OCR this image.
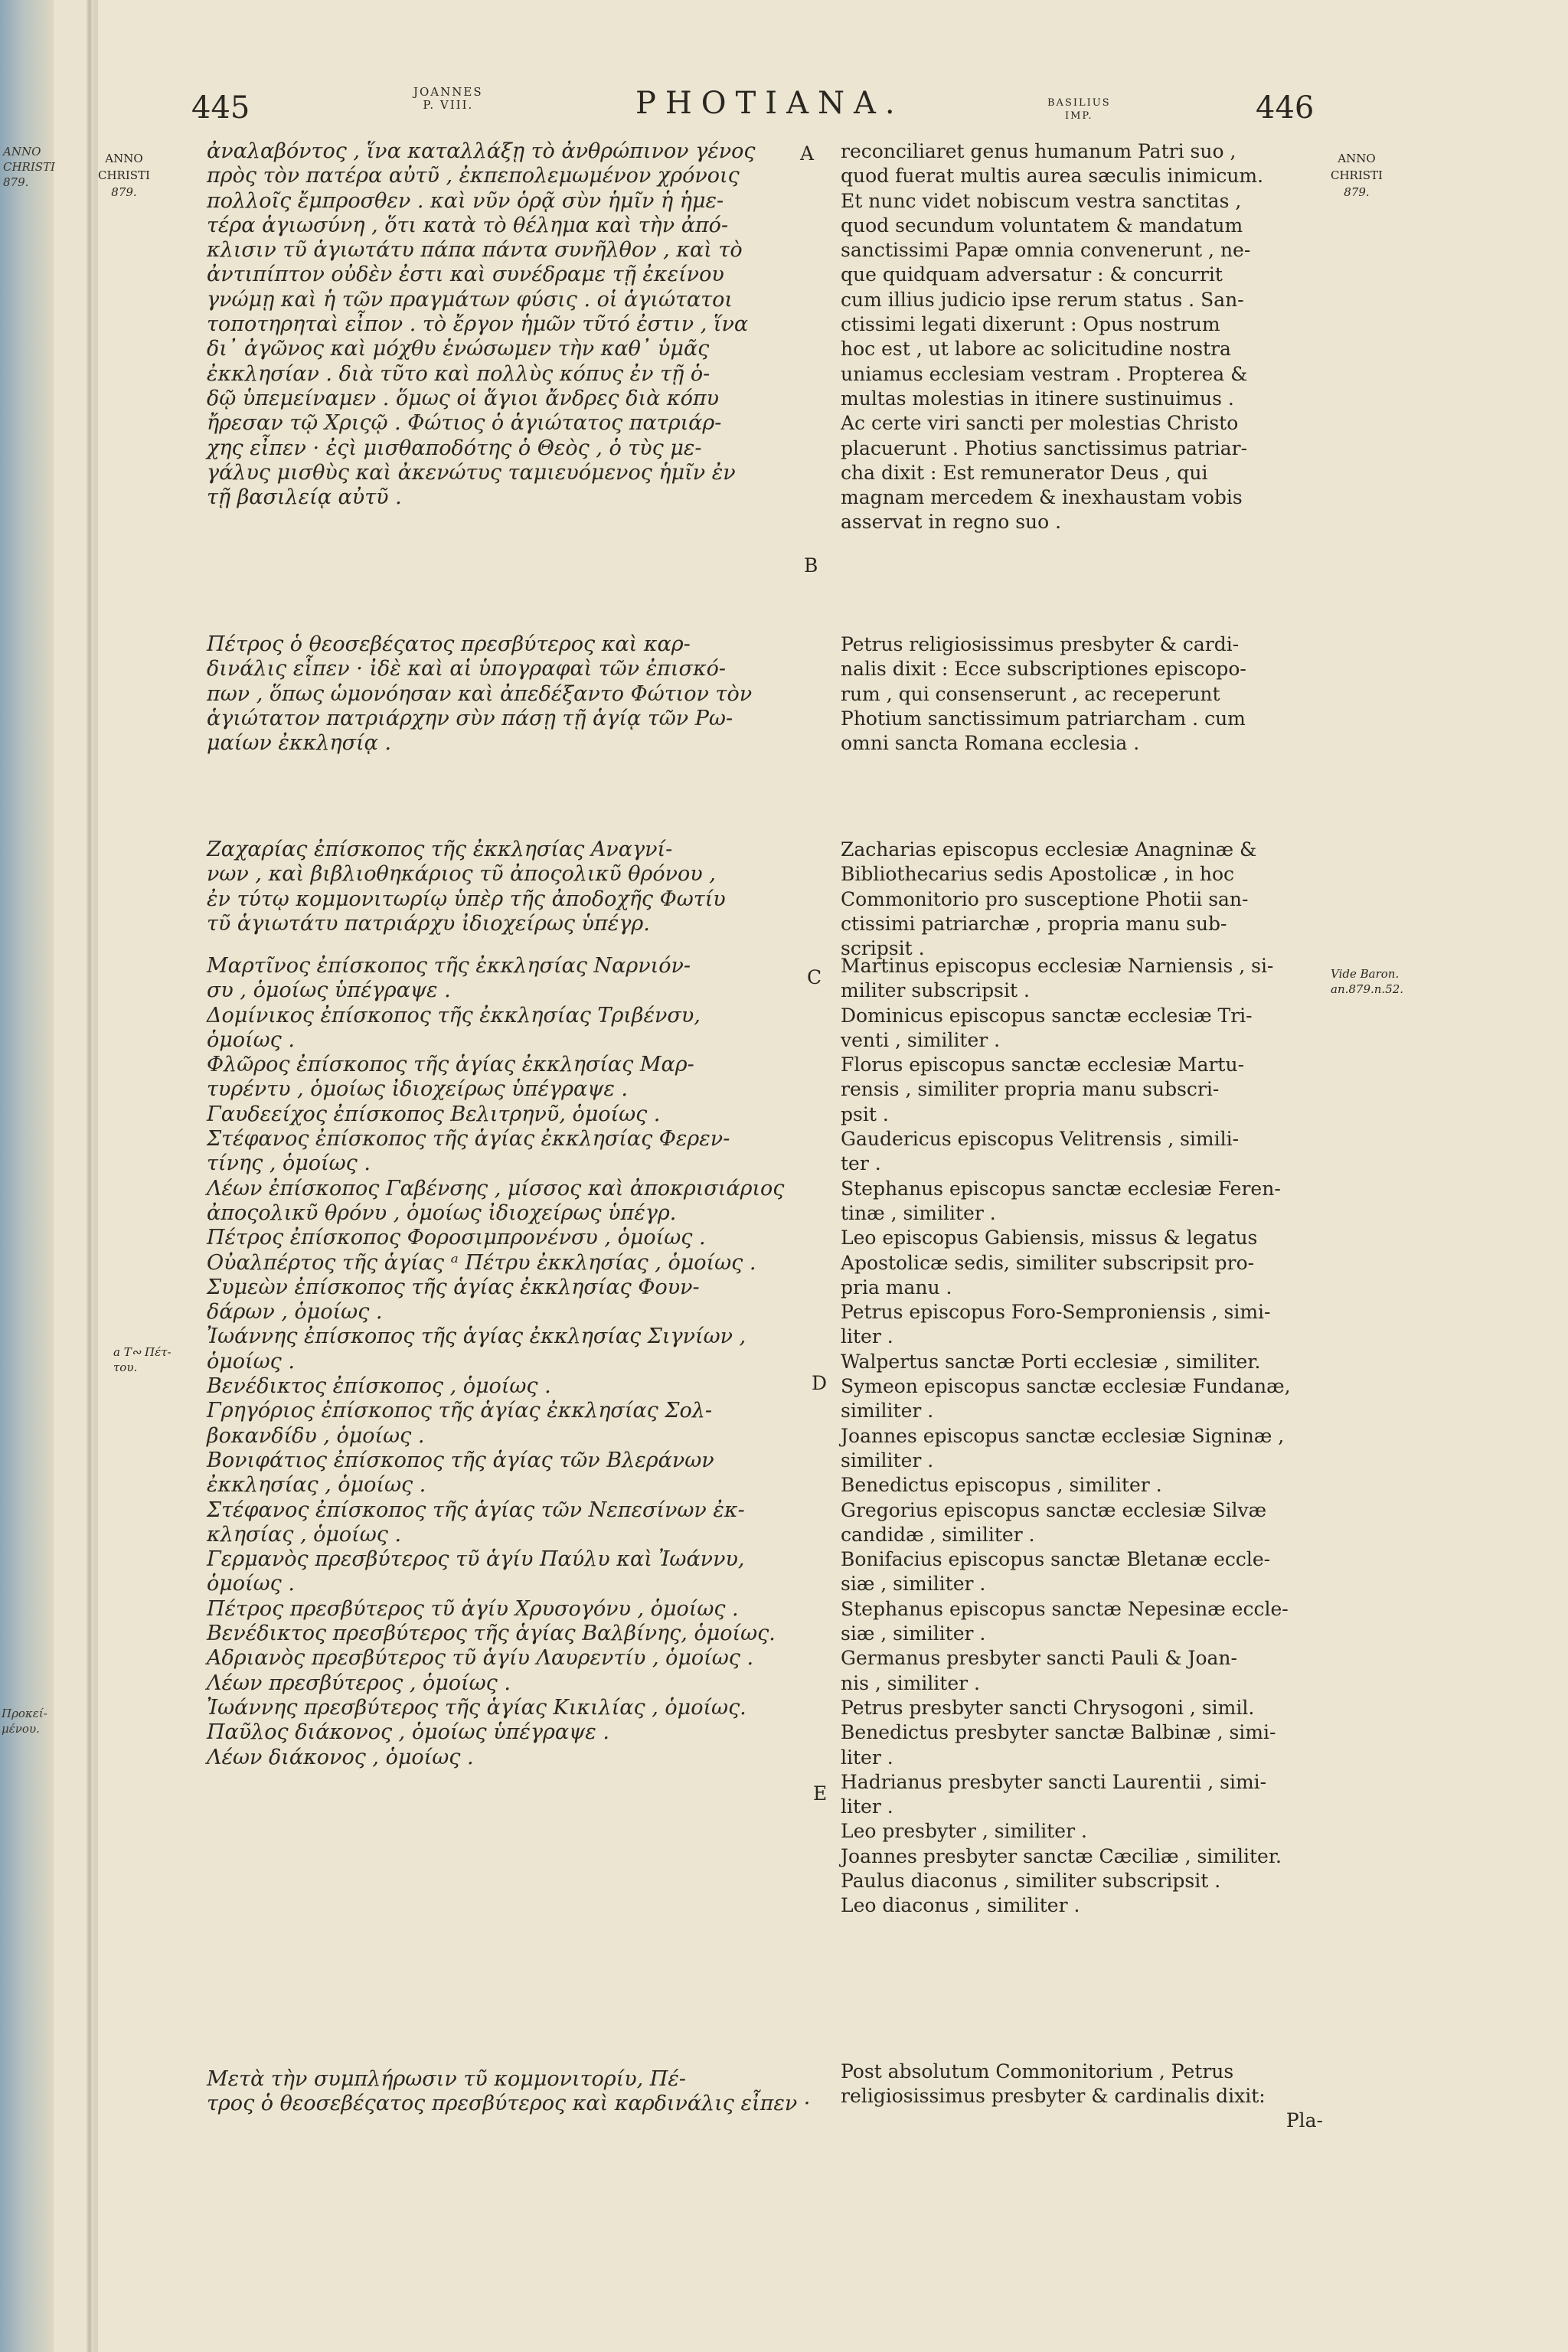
ANNO
CHRISTI
879.
Προκεί-
μένου.
445	JOANNES
P. VIII.	PHOTIANA.	BASILIUS
IMP.	446
ANNO
CHRISTI
879.
ANNO
CHRISTI
879.
A
B
C
D
E
a Τ∾ Πέτ-
του.
Vide Baron.
an.879.n.52.

ἀναλαβόντος , ἵνα καταλλάξῃ τὸ ἀνθρώπινον γένος
πρὸς τὸν πατέρα αὐτῦ , ἐκπεπολεμωμένον χρόνοις
πολλοῖς ἔμπροσθεν . καὶ νῦν ὁρᾷ σὺν ἡμῖν ἡ ἡμε-
τέρα ἁγιωσύνη , ὅτι κατὰ τὸ θέλημα καὶ τὴν ἀπό-
κλισιν τῦ ἁγιωτάτυ πάπα πάντα συνῆλθον , καὶ τὸ
ἀντιπίπτον οὐδὲν ἐστι καὶ συνέδραμε τῇ ἐκείνου
γνώμῃ καὶ ἡ τῶν πραγμάτων φύσις . οἱ ἁγιώτατοι
τοποτηρηταὶ εἶπον . τὸ ἔργον ἡμῶν τῦτό ἐστιν , ἵνα
δι᾽ ἀγῶνος καὶ μόχθυ ἑνώσωμεν τὴν καθ᾽ ὑμᾶς
ἐκκλησίαν . διὰ τῦτο καὶ πολλὺς κόπυς ἐν τῇ ὁ-
δῷ ὑπεμείναμεν . ὅμως οἱ ἅγιοι ἄνδρες διὰ κόπυ
ἤρεσαν τῷ Χριςῷ . Φώτιος ὁ ἁγιώτατος πατριάρ-
χης εἶπεν · ἐςὶ μισθαποδότης ὁ Θεὸς , ὁ τὺς με-
γάλυς μισθὺς καὶ ἀκενώτυς ταμιευόμενος ἡμῖν ἐν
τῇ βασιλείᾳ αὐτῦ .

Πέτρος ὁ θεοσεβέςατος πρεσβύτερος καὶ καρ-
δινάλις εἶπεν · ἰδὲ καὶ αἱ ὑπογραφαὶ τῶν ἐπισκό-
πων , ὅπως ὡμονόησαν καὶ ἀπεδέξαντο Φώτιον τὸν
ἁγιώτατον πατριάρχην σὺν πάσῃ τῇ ἁγίᾳ τῶν Ρω-
μαίων ἐκκλησίᾳ .

Ζαχαρίας ἐπίσκοπος τῆς ἐκκλησίας Αναγνί-
νων , καὶ βιβλιοθηκάριος τῦ ἀποςολικῦ θρόνου ,
ἐν τύτῳ κομμονιτωρίῳ ὑπὲρ τῆς ἀποδοχῆς Φωτίυ
τῦ ἁγιωτάτυ πατριάρχυ ἰδιοχείρως ὑπέγρ.

Μαρτῖνος ἐπίσκοπος τῆς ἐκκλησίας Ναρνιόν-
συ , ὁμοίως ὑπέγραψε .
Δομίνικος ἐπίσκοπος τῆς ἐκκλησίας Τριβένσυ,
ὁμοίως .
Φλῶρος ἐπίσκοπος τῆς ἁγίας ἐκκλησίας Μαρ-
τυρέντυ , ὁμοίως ἰδιοχείρως ὑπέγραψε .
Γαυδεείχος ἐπίσκοπος Βελιτρηνῦ, ὁμοίως .
Στέφανος ἐπίσκοπος τῆς ἁγίας ἐκκλησίας Φερεν-
τίνης , ὁμοίως .
Λέων ἐπίσκοπος Γαβένσης , μίσσος καὶ ἀποκρισιάριος
ἀποςολικῦ θρόνυ , ὁμοίως ἰδιοχείρως ὑπέγρ.
Πέτρος ἐπίσκοπος Φοροσιμπρονένσυ , ὁμοίως .
Οὐαλπέρτος τῆς ἁγίας ᵃ Πέτρυ ἐκκλησίας , ὁμοίως .
Συμεὼν ἐπίσκοπος τῆς ἁγίας ἐκκλησίας Φουν-
δάρων , ὁμοίως .
Ἰωάννης ἐπίσκοπος τῆς ἁγίας ἐκκλησίας Σιγνίων ,
ὁμοίως .
Βενέδικτος ἐπίσκοπος , ὁμοίως .
Γρηγόριος ἐπίσκοπος τῆς ἁγίας ἐκκλησίας Σολ-
βοκανδίδυ , ὁμοίως .
Βονιφάτιος ἐπίσκοπος τῆς ἁγίας τῶν Βλεράνων
ἐκκλησίας , ὁμοίως .
Στέφανος ἐπίσκοπος τῆς ἁγίας τῶν Νεπεσίνων ἐκ-
κλησίας , ὁμοίως .
Γερμανὸς πρεσβύτερος τῦ ἁγίυ Παύλυ καὶ Ἰωάννυ,
ὁμοίως .
Πέτρος πρεσβύτερος τῦ ἁγίυ Χρυσογόνυ , ὁμοίως .
Βενέδικτος πρεσβύτερος τῆς ἁγίας Βαλβίνης, ὁμοίως.
Αδριανὸς πρεσβύτερος τῦ ἁγίυ Λαυρεντίυ , ὁμοίως .
Λέων πρεσβύτερος , ὁμοίως .
Ἰωάννης πρεσβύτερος τῆς ἁγίας Κικιλίας , ὁμοίως.
Παῦλος διάκονος , ὁμοίως ὑπέγραψε .
Λέων διάκονος , ὁμοίως .

Μετὰ τὴν συμπλήρωσιν τῦ κομμονιτορίυ, Πέ-
τρος ὁ θεοσεβέςατος πρεσβύτερος καὶ καρδινάλις εἶπεν ·

reconciliaret genus humanum Patri suo ,
quod fuerat multis aurea sæculis inimicum.
Et nunc videt nobiscum vestra sanctitas ,
quod secundum voluntatem & mandatum
sanctissimi Papæ omnia convenerunt , ne-
que quidquam adversatur : & concurrit
cum illius judicio ipse rerum status . San-
ctissimi legati dixerunt : Opus nostrum
hoc est , ut labore ac solicitudine nostra
uniamus ecclesiam vestram . Propterea &
multas molestias in itinere sustinuimus .
Ac certe viri sancti per molestias Christo
placuerunt . Photius sanctissimus patriar-
cha dixit : Est remunerator Deus , qui
magnam mercedem & inexhaustam vobis
asservat in regno suo .

Petrus religiosissimus presbyter & cardi-
nalis dixit : Ecce subscriptiones episcopo-
rum , qui consenserunt , ac receperunt
Photium sanctissimum patriarcham . cum
omni sancta Romana ecclesia .

Zacharias episcopus ecclesiæ Anagninæ &
Bibliothecarius sedis Apostolicæ , in hoc
Commonitorio pro susceptione Photii san-
ctissimi patriarchæ , propria manu sub-
scripsit .

Martinus episcopus ecclesiæ Narniensis , si-
militer subscripsit .
Dominicus episcopus sanctæ ecclesiæ Tri-
venti , similiter .
Florus episcopus sanctæ ecclesiæ Martu-
rensis , similiter propria manu subscri-
psit .
Gaudericus episcopus Velitrensis , simili-
ter .
Stephanus episcopus sanctæ ecclesiæ Feren-
tinæ , similiter .
Leo episcopus Gabiensis, missus & legatus
Apostolicæ sedis, similiter subscripsit pro-
pria manu .
Petrus episcopus Foro-Semproniensis , simi-
liter .
Walpertus sanctæ Porti ecclesiæ , similiter.
Symeon episcopus sanctæ ecclesiæ Fundanæ,
similiter .
Joannes episcopus sanctæ ecclesiæ Signinæ ,
similiter .
Benedictus episcopus , similiter .
Gregorius episcopus sanctæ ecclesiæ Silvæ
candidæ , similiter .
Bonifacius episcopus sanctæ Bletanæ eccle-
siæ , similiter .
Stephanus episcopus sanctæ Nepesinæ eccle-
siæ , similiter .
Germanus presbyter sancti Pauli & Joan-
nis , similiter .
Petrus presbyter sancti Chrysogoni , simil.
Benedictus presbyter sanctæ Balbinæ , simi-
liter .
Hadrianus presbyter sancti Laurentii , simi-
liter .
Leo presbyter , similiter .
Joannes presbyter sanctæ Cæciliæ , similiter.
Paulus diaconus , similiter subscripsit .
Leo diaconus , similiter .

Post absolutum Commonitorium , Petrus
religiosissimus presbyter & cardinalis dixit:

Pla-
